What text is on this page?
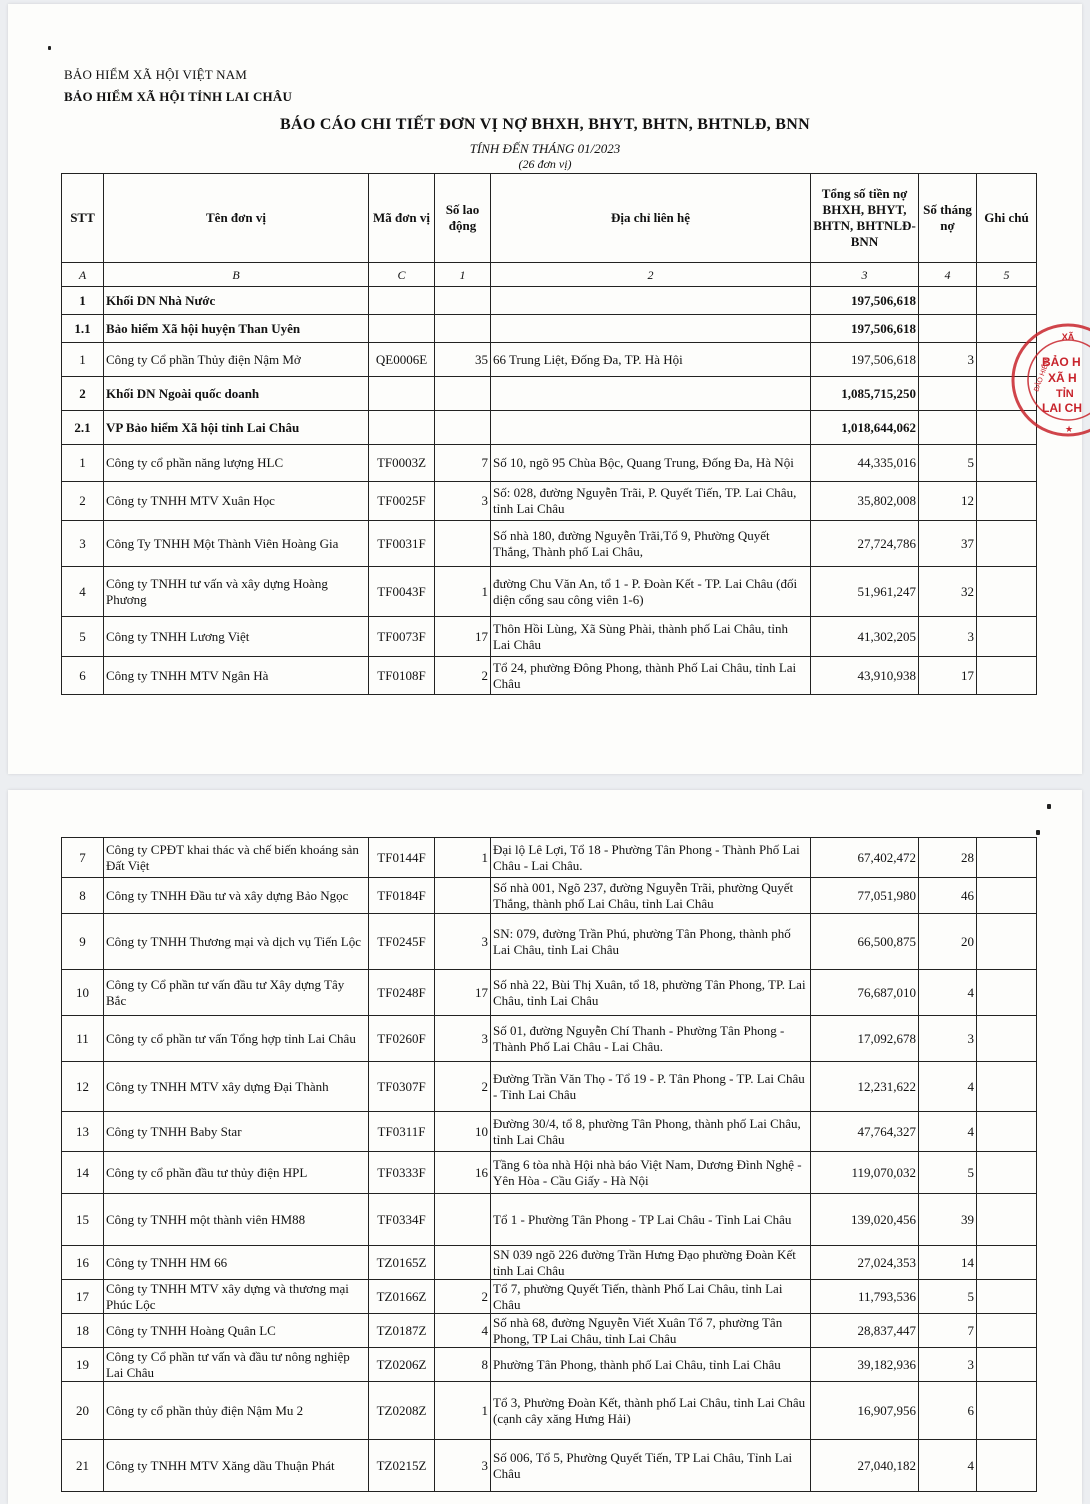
BẢO HIỂM XÃ HỘI VIỆT NAM
BẢO HIỂM XÃ HỘI TỈNH LAI CHÂU
BÁO CÁO CHI TIẾT ĐƠN VỊ NỢ BHXH, BHYT, BHTN, BHTNLĐ, BNN
TÍNH ĐẾN THÁNG 01/2023
(26 đơn vị)
STT	Tên đơn vị	Mã đơn vị	Số lao động	Địa chỉ liên hệ	Tổng số tiền nợ BHXH, BHYT, BHTN, BHTNLĐ-BNN	Số tháng nợ	Ghi chú
A	B	C	1	2	3	4	5
1	Khối DN Nhà Nước				197,506,618		
1.1	Bảo hiểm Xã hội huyện Than Uyên				197,506,618		
1	Công ty Cổ phần Thủy điện Nậm Mở	QE0006E	35	66 Trung Liệt, Đống Đa, TP. Hà Hội	197,506,618	3	
2	Khối DN Ngoài quốc doanh				1,085,715,250		
2.1	VP Bảo hiểm Xã hội tỉnh Lai Châu				1,018,644,062		
1	Công ty cổ phần năng lượng HLC	TF0003Z	7	Số 10, ngõ 95 Chùa Bộc, Quang Trung, Đống Đa, Hà Nội	44,335,016	5	
2	Công ty TNHH MTV Xuân Học	TF0025F	3	Số: 028, đường Nguyễn Trãi, P. Quyết Tiến, TP. Lai Châu, tỉnh Lai Châu	35,802,008	12	
3	Công Ty TNHH Một Thành Viên Hoàng Gia	TF0031F		Số nhà 180, đường Nguyễn Trãi,Tổ 9, Phường Quyết Thắng, Thành phố Lai Châu,	27,724,786	37	
4	Công ty TNHH tư vấn và xây dựng Hoàng Phương	TF0043F	1	đường Chu Văn An, tổ 1 - P. Đoàn Kết - TP. Lai Châu (đối diện cổng sau công viên 1-6)	51,961,247	32	
5	Công ty TNHH Lương Việt	TF0073F	17	Thôn Hồi Lùng, Xã Sùng Phài, thành phố Lai Châu, tỉnh Lai Châu	41,302,205	3	
6	Công ty TNHH MTV Ngân Hà	TF0108F	2	Tổ 24, phường Đông Phong, thành Phố Lai Châu, tỉnh Lai Châu	43,910,938	17	
7	Công ty CPĐT khai thác và chế biến khoáng sản Đất Việt	TF0144F	1	Đại lộ Lê Lợi, Tổ 18 - Phường Tân Phong - Thành Phố Lai Châu - Lai Châu.	67,402,472	28	
8	Công ty TNHH Đầu tư và xây dựng Bảo Ngọc	TF0184F		Số nhà 001, Ngõ 237, đường Nguyễn Trãi, phường Quyết Thắng, thành phố Lai Châu, tỉnh Lai Châu	77,051,980	46	
9	Công ty TNHH Thương mại và dịch vụ Tiến Lộc	TF0245F	3	SN: 079, đường Trần Phú, phường Tân Phong, thành phố Lai Châu, tỉnh Lai Châu	66,500,875	20	
10	Công ty Cổ phần tư vấn đầu tư Xây dựng Tây Bắc	TF0248F	17	Số nhà 22, Bùi Thị Xuân, tổ 18, phường Tân Phong, TP. Lai Châu, tỉnh Lai Châu	76,687,010	4	
11	Công ty cổ phần tư vấn Tổng hợp tỉnh Lai Châu	TF0260F	3	Số 01, đường Nguyễn Chí Thanh - Phường Tân Phong - Thành Phố Lai Châu - Lai Châu.	17,092,678	3	
12	Công ty TNHH MTV xây dựng Đại Thành	TF0307F	2	Đường Trần Văn Thọ - Tổ 19 - P. Tân Phong - TP. Lai Châu - Tỉnh Lai Châu	12,231,622	4	
13	Công ty TNHH Baby Star	TF0311F	10	Đường 30/4, tổ 8, phường Tân Phong, thành phố Lai Châu, tỉnh Lai Châu	47,764,327	4	
14	Công ty cổ phần đầu tư thủy điện HPL	TF0333F	16	Tầng 6 tòa nhà Hội nhà báo Việt Nam, Dương Đình Nghệ - Yên Hòa - Cầu Giấy - Hà Nội	119,070,032	5	
15	Công ty TNHH một thành viên HM88	TF0334F		Tổ 1 - Phường Tân Phong - TP Lai Châu - Tỉnh Lai Châu	139,020,456	39	
16	Công ty TNHH HM 66	TZ0165Z		SN 039 ngõ 226 đường Trần Hưng Đạo phường Đoàn Kết tỉnh Lai Châu	27,024,353	14	
17	Công ty TNHH MTV xây dựng và thương mại Phúc Lộc	TZ0166Z	2	Tổ 7, phường Quyết Tiến, thành Phố Lai Châu, tỉnh Lai Châu	11,793,536	5	
18	Công ty TNHH Hoàng Quân LC	TZ0187Z	4	Số nhà 68, đường Nguyễn Viết Xuân Tổ 7, phường Tân Phong, TP Lai Châu, tỉnh Lai Châu	28,837,447	7	
19	Công ty Cổ phần tư vấn và đầu tư nông nghiệp Lai Châu	TZ0206Z	8	Phường Tân Phong, thành phố Lai Châu, tỉnh Lai Châu	39,182,936	3	
20	Công ty cổ phần thủy điện Nậm Mu 2	TZ0208Z	1	Tổ 3, Phường Đoàn Kết, thành phố Lai Châu, tỉnh Lai Châu (cạnh cây xăng Hưng Hải)	16,907,956	6	
21	Công ty TNHH MTV Xăng dầu Thuận Phát	TZ0215Z	3	Số 006, Tổ 5, Phường Quyết Tiến, TP Lai Châu, Tỉnh Lai Châu	27,040,182	4	
XÃ
BẢO HIỂM
BẢO H
XÃ H
TỈN
LAI CH
★
